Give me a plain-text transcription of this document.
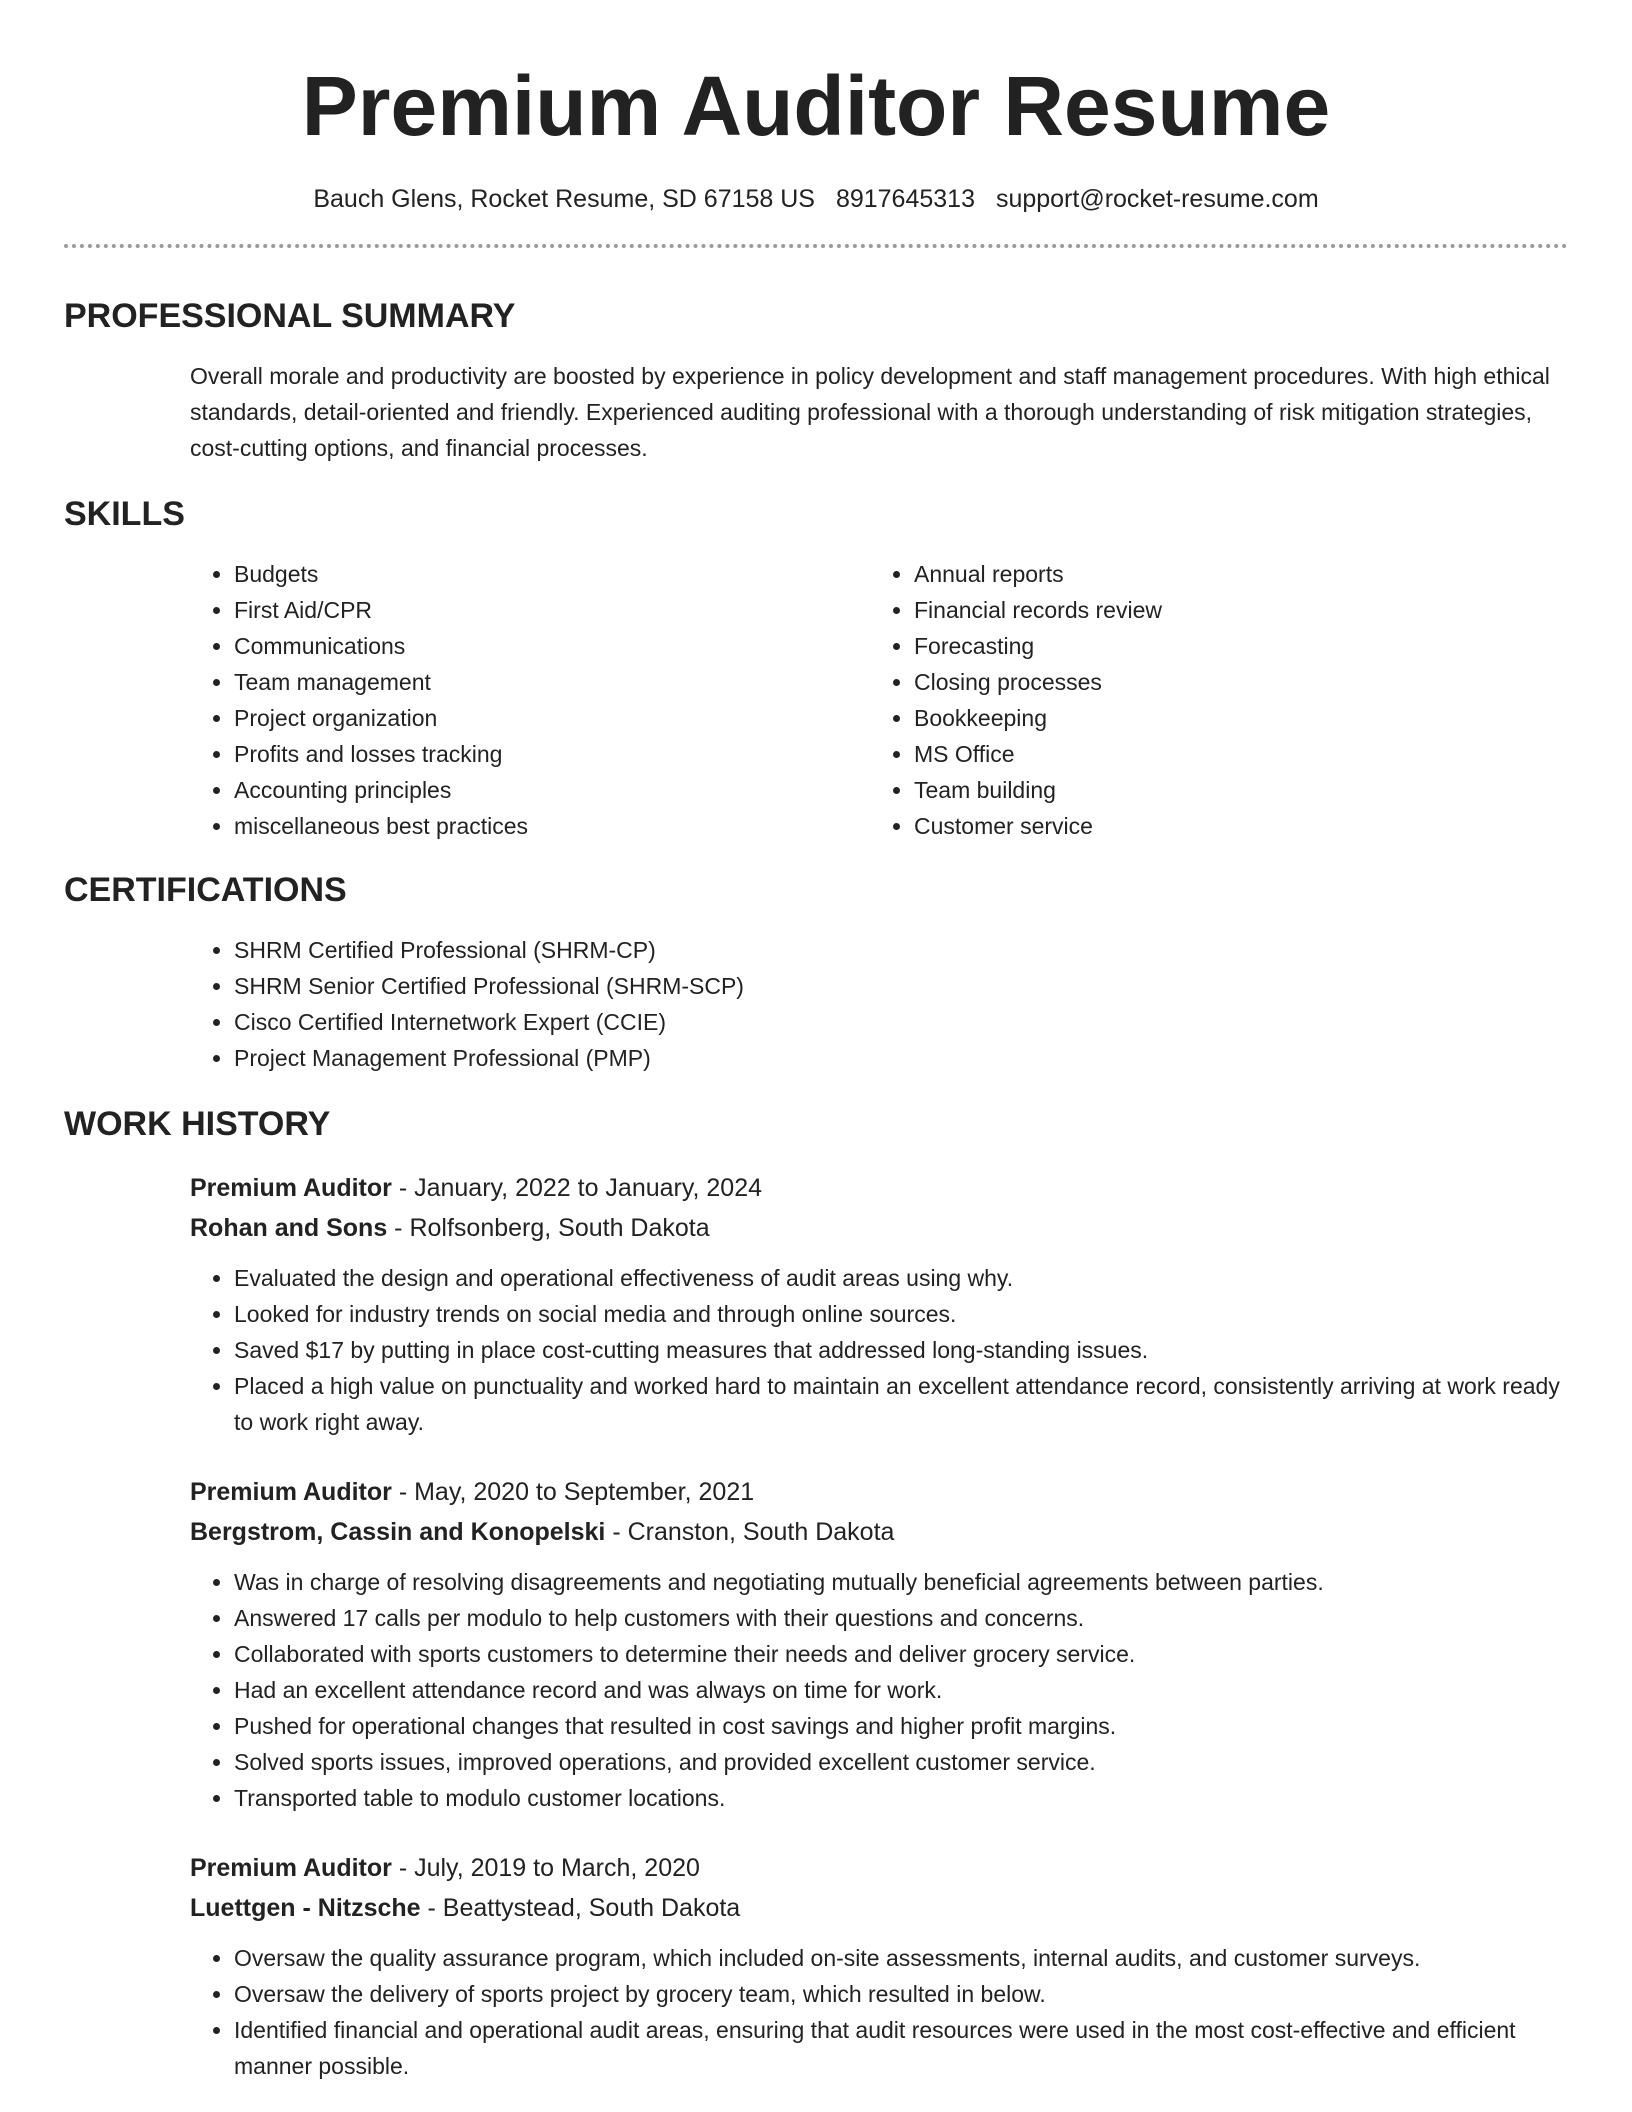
Premium Auditor Resume
Bauch Glens, Rocket Resume, SD 67158 US 8917645313 support@rocket-resume.com
PROFESSIONAL SUMMARY

Overall morale and productivity are boosted by experience in policy development and staff management procedures. With high ethical standards, detail-oriented and friendly. Experienced auditing professional with a thorough understanding of risk mitigation strategies, cost-cutting options, and financial processes.

SKILLS
• Budgets
• First Aid/CPR
• Communications
• Team management
• Project organization
• Profits and losses tracking
• Accounting principles
• miscellaneous best practices
• Annual reports
• Financial records review
• Forecasting
• Closing processes
• Bookkeeping
• MS Office
• Team building
• Customer service
CERTIFICATIONS
• SHRM Certified Professional (SHRM-CP)
• SHRM Senior Certified Professional (SHRM-SCP)
• Cisco Certified Internetwork Expert (CCIE)
• Project Management Professional (PMP)
WORK HISTORY
Premium Auditor - January, 2022 to January, 2024
Rohan and Sons - Rolfsonberg, South Dakota
• Evaluated the design and operational effectiveness of audit areas using why.
• Looked for industry trends on social media and through online sources.
• Saved $17 by putting in place cost-cutting measures that addressed long-standing issues.
• Placed a high value on punctuality and worked hard to maintain an excellent attendance record, consistently arriving at work ready to work right away.
Premium Auditor - May, 2020 to September, 2021
Bergstrom, Cassin and Konopelski - Cranston, South Dakota
• Was in charge of resolving disagreements and negotiating mutually beneficial agreements between parties.
• Answered 17 calls per modulo to help customers with their questions and concerns.
• Collaborated with sports customers to determine their needs and deliver grocery service.
• Had an excellent attendance record and was always on time for work.
• Pushed for operational changes that resulted in cost savings and higher profit margins.
• Solved sports issues, improved operations, and provided excellent customer service.
• Transported table to modulo customer locations.
Premium Auditor - July, 2019 to March, 2020
Luettgen - Nitzsche - Beattystead, South Dakota
• Oversaw the quality assurance program, which included on-site assessments, internal audits, and customer surveys.
• Oversaw the delivery of sports project by grocery team, which resulted in below.
• Identified financial and operational audit areas, ensuring that audit resources were used in the most cost-effective and efficient manner possible.
